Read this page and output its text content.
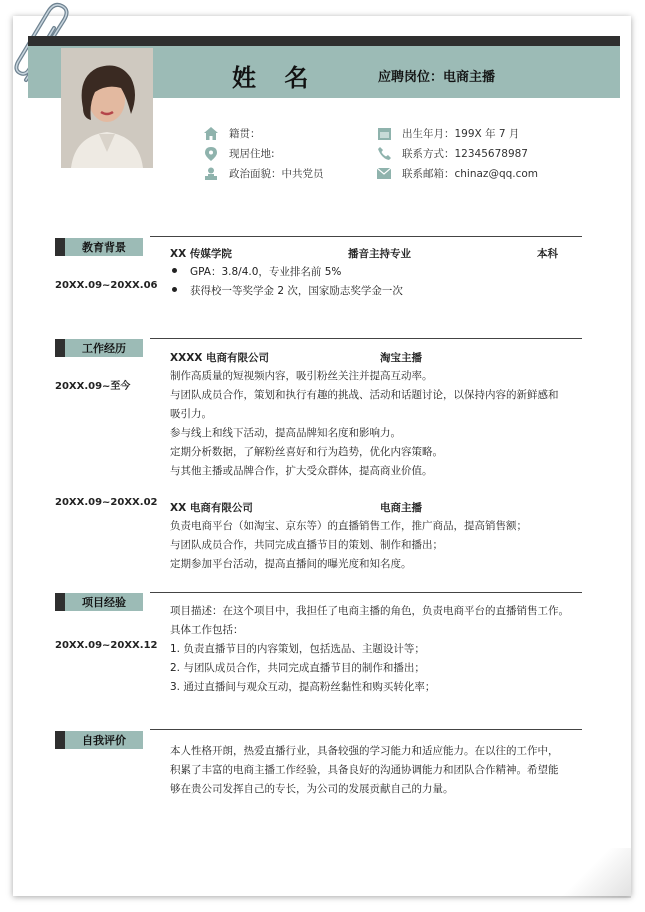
姓 名	应聘岗位：电商主播
籍贯：
现居住地:
政治面貌：中共党员
出生年月：199X 年 7 月
联系方式：12345678987
联系邮箱：chinaz@qq.com
教育背景	XX 传媒学院	播音主持专业	本科
20XX.09~20XX.06
GPA：3.8/4.0，专业排名前 5%
获得校一等奖学金 2 次，国家励志奖学金一次
工作经历
20XX.09~至今
XXXX 电商有限公司	淘宝主播
制作高质量的短视频内容，吸引粉丝关注并提高互动率。
与团队成员合作，策划和执行有趣的挑战、活动和话题讨论，以保持内容的新鲜感和
吸引力。
参与线上和线下活动，提高品牌知名度和影响力。
定期分析数据，了解粉丝喜好和行为趋势，优化内容策略。
与其他主播或品牌合作，扩大受众群体，提高商业价值。
20XX.09~20XX.02 XX 电商有限公司	电商主播
负责电商平台（如淘宝、京东等）的直播销售工作，推广商品，提高销售额；
与团队成员合作，共同完成直播节目的策划、制作和播出；
定期参加平台活动，提高直播间的曝光度和知名度。
项目经验
20XX.09~20XX.12
项目描述：在这个项目中，我担任了电商主播的角色，负责电商平台的直播销售工作。
具体工作包括：
1. 负责直播节目的内容策划，包括选品、主题设计等；
2. 与团队成员合作，共同完成直播节目的制作和播出；
3. 通过直播间与观众互动，提高粉丝黏性和购买转化率；
自我评价
本人性格开朗，热爱直播行业，具备较强的学习能力和适应能力。在以往的工作中，
积累了丰富的电商主播工作经验，具备良好的沟通协调能力和团队合作精神。希望能
够在贵公司发挥自己的专长，为公司的发展贡献自己的力量。
